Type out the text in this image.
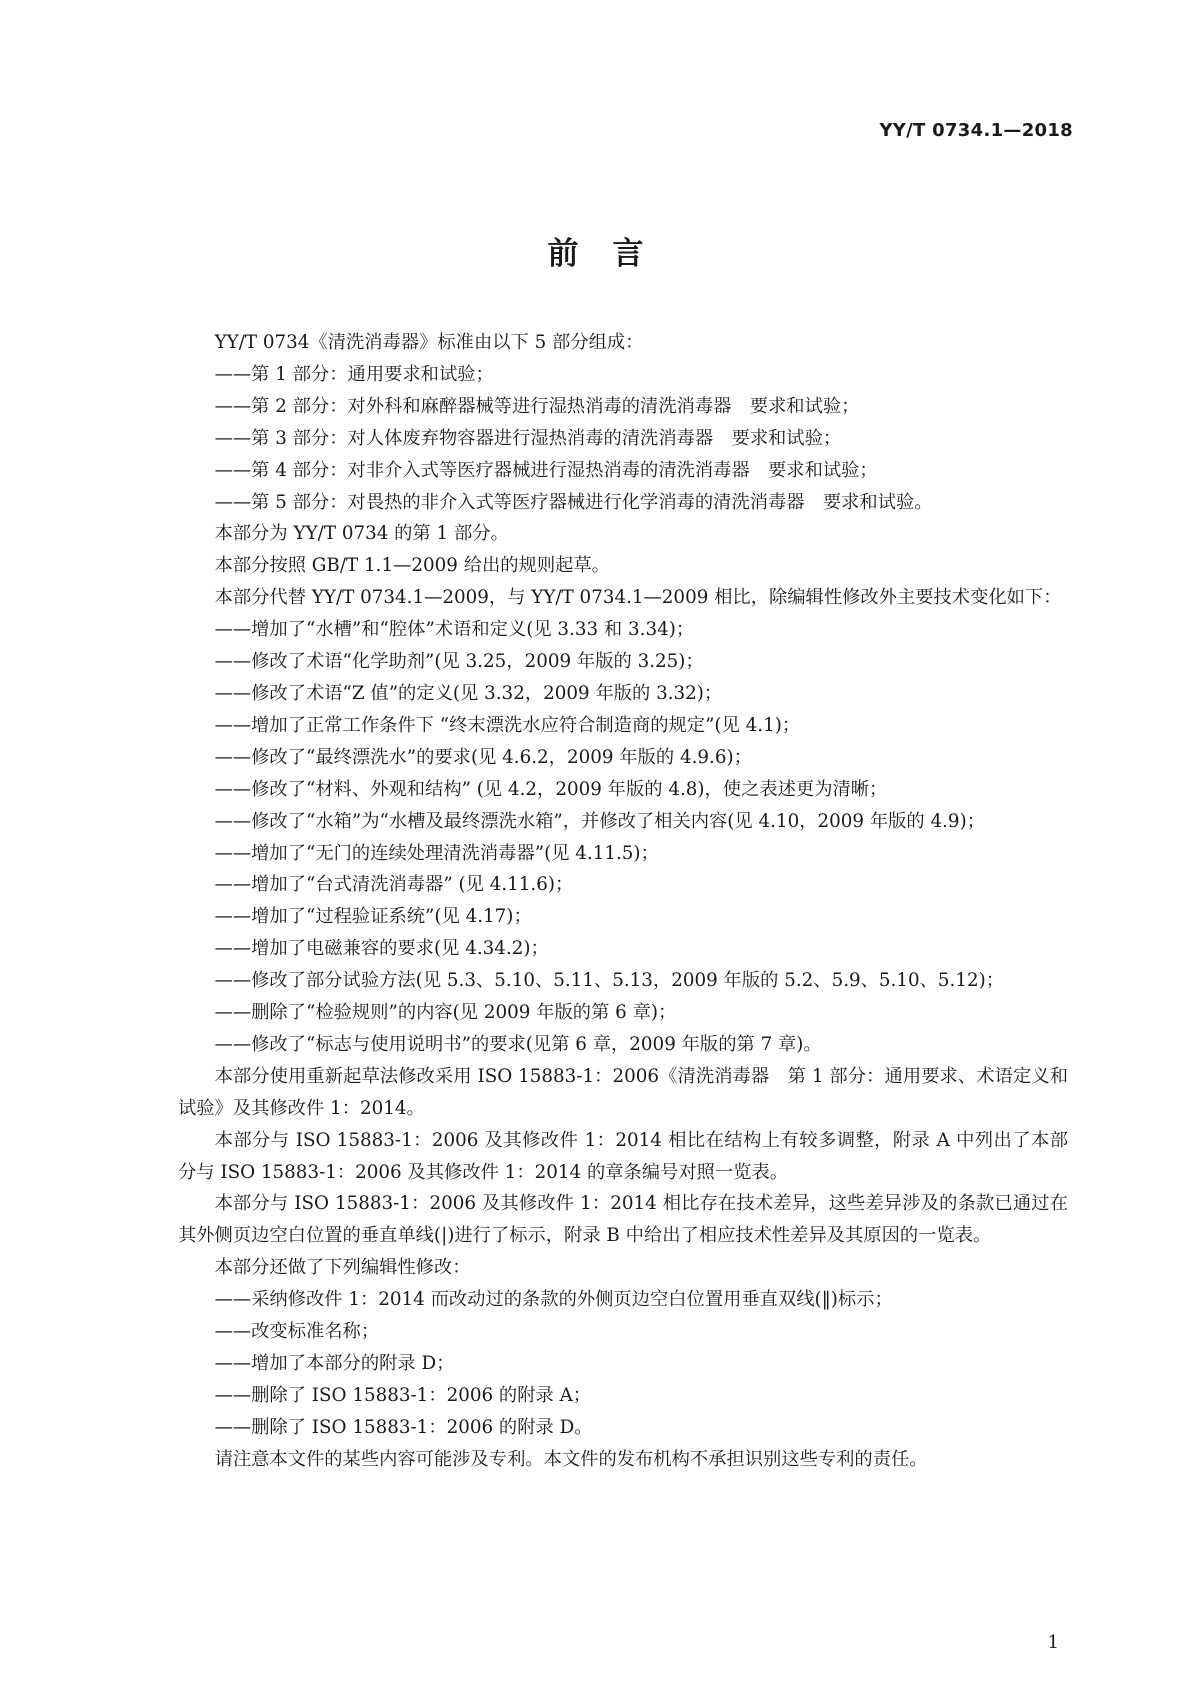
YY/T 0734.1—2018
前言

YY/T 0734《清洗消毒器》标准由以下 5 部分组成：

——第 1 部分：通用要求和试验；

——第 2 部分：对外科和麻醉器械等进行湿热消毒的清洗消毒器　要求和试验；

——第 3 部分：对人体废弃物容器进行湿热消毒的清洗消毒器　要求和试验；

——第 4 部分：对非介入式等医疗器械进行湿热消毒的清洗消毒器　要求和试验；

——第 5 部分：对畏热的非介入式等医疗器械进行化学消毒的清洗消毒器　要求和试验。

本部分为 YY/T 0734 的第 1 部分。

本部分按照 GB/T 1.1—2009 给出的规则起草。

本部分代替 YY/T 0734.1—2009，与 YY/T 0734.1—2009 相比，除编辑性修改外主要技术变化如下：

——增加了“水槽”和“腔体”术语和定义(见 3.33 和 3.34)；

——修改了术语“化学助剂”(见 3.25，2009 年版的 3.25)；

——修改了术语“Z 值”的定义(见 3.32，2009 年版的 3.32)；

——增加了正常工作条件下 “终末漂洗水应符合制造商的规定”(见 4.1)；

——修改了“最终漂洗水”的要求(见 4.6.2，2009 年版的 4.9.6)；

——修改了“材料、外观和结构” (见 4.2，2009 年版的 4.8)，使之表述更为清晰；

——修改了“水箱”为“水槽及最终漂洗水箱”，并修改了相关内容(见 4.10，2009 年版的 4.9)；

——增加了“无门的连续处理清洗消毒器”(见 4.11.5)；

——增加了“台式清洗消毒器” (见 4.11.6)；

——增加了“过程验证系统”(见 4.17)；

——增加了电磁兼容的要求(见 4.34.2)；

——修改了部分试验方法(见 5.3、5.10、5.11、5.13，2009 年版的 5.2、5.9、5.10、5.12)；

——删除了“检验规则”的内容(见 2009 年版的第 6 章)；

——修改了“标志与使用说明书”的要求(见第 6 章，2009 年版的第 7 章)。

本部分使用重新起草法修改采用 ISO 15883-1：2006《清洗消毒器　第 1 部分：通用要求、术语定义和试验》及其修改件 1：2014。

本部分与 ISO 15883-1：2006 及其修改件 1：2014 相比在结构上有较多调整，附录 A 中列出了本部分与 ISO 15883-1：2006 及其修改件 1：2014 的章条编号对照一览表。

本部分与 ISO 15883-1：2006 及其修改件 1：2014 相比存在技术差异，这些差异涉及的条款已通过在其外侧页边空白位置的垂直单线(|)进行了标示，附录 B 中给出了相应技术性差异及其原因的一览表。

本部分还做了下列编辑性修改：

——采纳修改件 1：2014 而改动过的条款的外侧页边空白位置用垂直双线(‖)标示；

——改变标准名称；

——增加了本部分的附录 D；

——删除了 ISO 15883-1：2006 的附录 A；

——删除了 ISO 15883-1：2006 的附录 D。

请注意本文件的某些内容可能涉及专利。本文件的发布机构不承担识别这些专利的责任。

1
